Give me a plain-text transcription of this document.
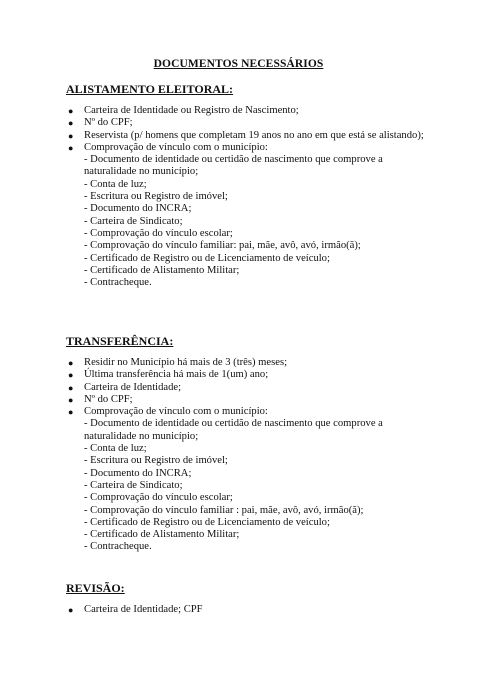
DOCUMENTOS NECESSÁRIOS
ALISTAMENTO ELEITORAL:
● Carteira de Identidade ou Registro de Nascimento;
● Nº do CPF;
● Reservista (p/ homens que completam 19 anos no ano em que está se alistando);
● Comprovação de vínculo com o município:
- Documento de identidade ou certidão de nascimento que comprove a naturalidade no município;
- Conta de luz;
- Escritura ou Registro de imóvel;
- Documento do INCRA;
- Carteira de Sindicato;
- Comprovação do vínculo escolar;
- Comprovação do vínculo familiar: pai, mãe, avô, avó, irmão(ã);
- Certificado de Registro ou de Licenciamento de veículo;
- Certificado de Alistamento Militar;
- Contracheque.
TRANSFERÊNCIA:
● Residir no Município há mais de 3 (três) meses;
● Última transferência há mais de 1(um) ano;
● Carteira de Identidade;
● Nº do CPF;
● Comprovação de vínculo com o município:
- Documento de identidade ou certidão de nascimento que comprove a naturalidade no município;
- Conta de luz;
- Escritura ou Registro de imóvel;
- Documento do INCRA;
- Carteira de Sindicato;
- Comprovação do vínculo escolar;
- Comprovação do vínculo familiar : pai, mãe, avô, avó, irmão(ã);
- Certificado de Registro ou de Licenciamento de veículo;
- Certificado de Alistamento Militar;
- Contracheque.
REVISÃO:
● Carteira de Identidade; CPF
